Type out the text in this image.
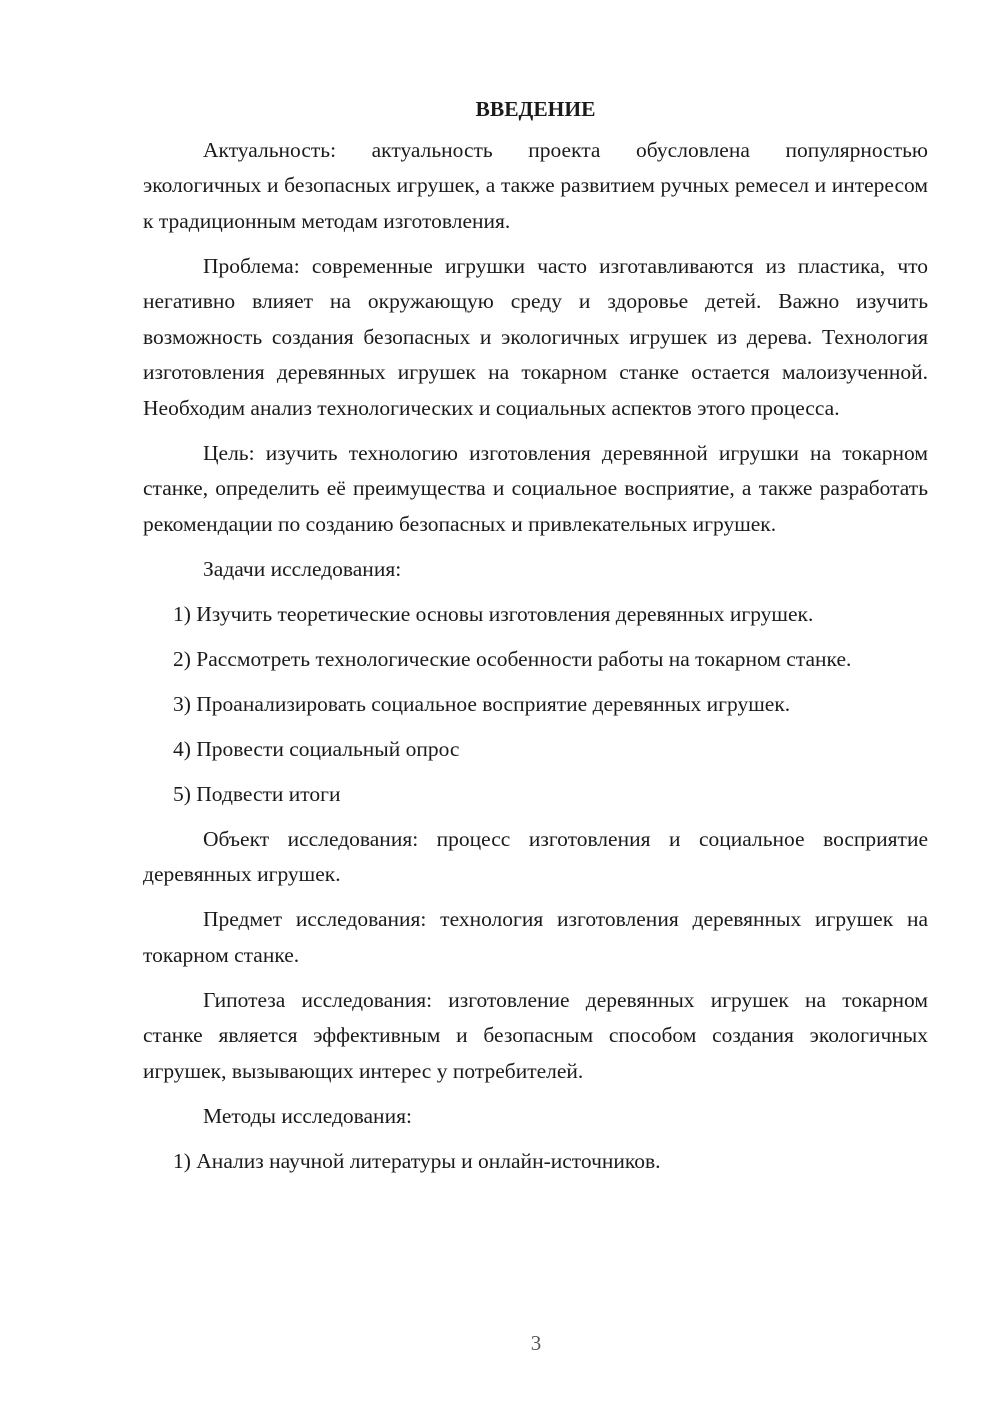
ВВЕДЕНИЕ

Актуальность: актуальность проекта обусловлена популярностью экологичных и безопасных игрушек, а также развитием ручных ремесел и интересом к традиционным методам изготовления.

Проблема: современные игрушки часто изготавливаются из пластика, что негативно влияет на окружающую среду и здоровье детей. Важно изучить возможность создания безопасных и экологичных игрушек из дерева. Технология изготовления деревянных игрушек на токарном станке остается малоизученной. Необходим анализ технологических и социальных аспектов этого процесса.

Цель: изучить технологию изготовления деревянной игрушки на токарном станке, определить её преимущества и социальное восприятие, а также разработать рекомендации по созданию безопасных и привлекательных игрушек.

Задачи исследования:

1) Изучить теоретические основы изготовления деревянных игрушек.

2) Рассмотреть технологические особенности работы на токарном станке.

3) Проанализировать социальное восприятие деревянных игрушек.

4) Провести социальный опрос

5) Подвести итоги

Объект исследования: процесс изготовления и социальное восприятие деревянных игрушек.

Предмет исследования: технология изготовления деревянных игрушек на токарном станке.

Гипотеза исследования: изготовление деревянных игрушек на токарном станке является эффективным и безопасным способом создания экологичных игрушек, вызывающих интерес у потребителей.

Методы исследования:

1) Анализ научной литературы и онлайн-источников.

3
